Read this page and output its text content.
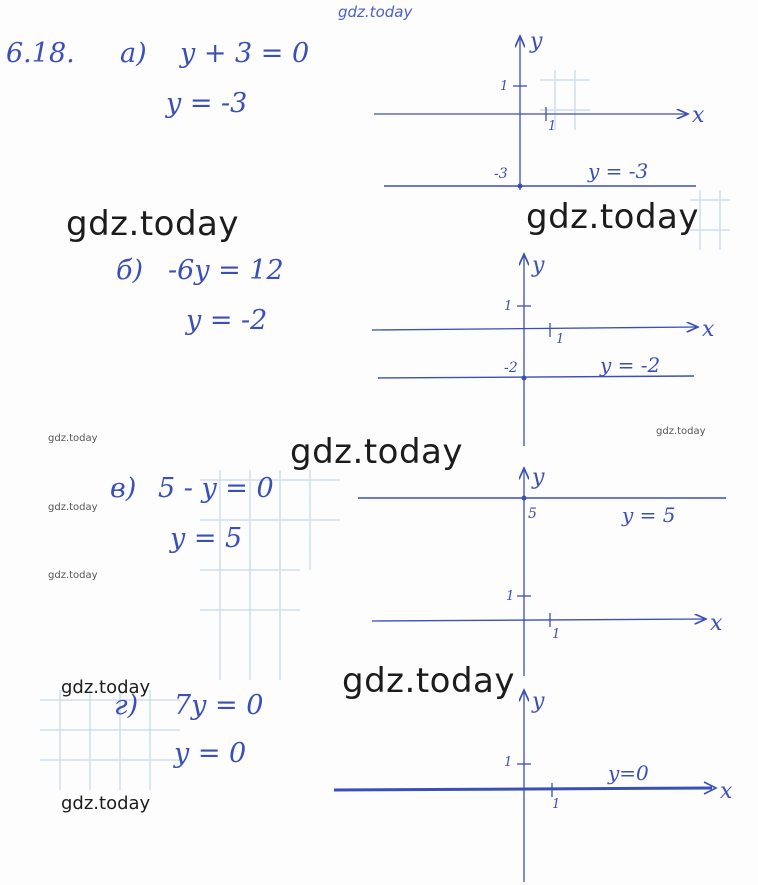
gdz.today
gdz.today	gdz.today
gdz.today
gdz.today
gdz.today
gdz.today
gdz.today
gdz.today
gdz.today
gdz.today
6.18. а) y + 3 = 0
y = -3
б) -6y = 12
y = -2
в) 5 - y = 0
y = 5
г) 7y = 0
y = 0
y
x
1
1
-3	y = -3
y
x
1
1
-2	y = -2
y
x
1
1
5	y = 5
y
x
1
1
y=0
